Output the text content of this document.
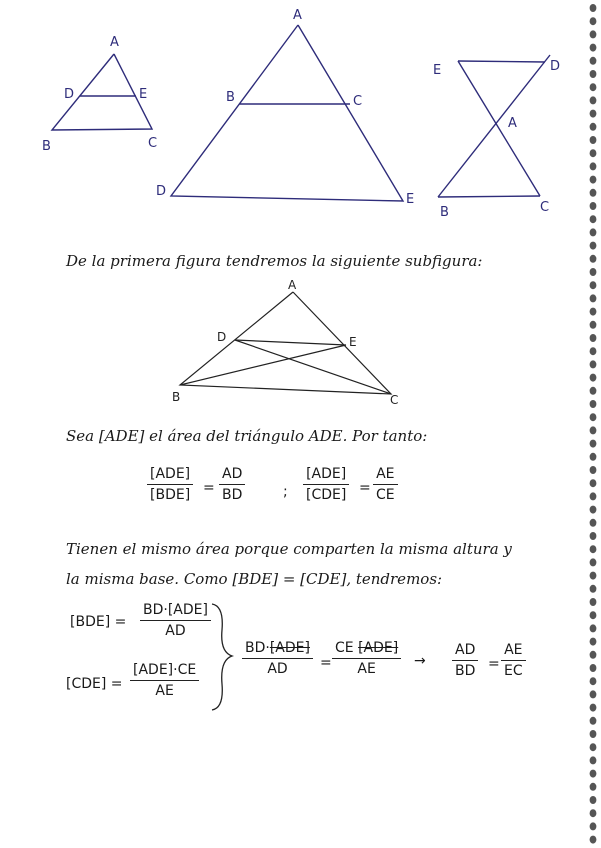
A
D	E
B	C
A
B	C
D
E
E	D
A
B	C
De la primera figura tendremos la siguiente subfigura:
A
D	E
B	C
Sea [ADE] el área del triángulo ADE. Por tanto:
[ADE]
$[BDE] = \frac{AD}{BD}$	;
[ADE]
$[CDE] = \frac{AE}{CE}$
Tienen el mismo área porque comparten la misma altura y
la misma base. Como [BDE] = [CDE], tendremos:
[BDE] =
BD·[ADE]
AD
[CDE] =
[ADE]·CE
AE
BD·[ADE]
AD =
CE [ADE]
AE	→ $\frac{AD}{BD} = \frac{AE}{EC}$
